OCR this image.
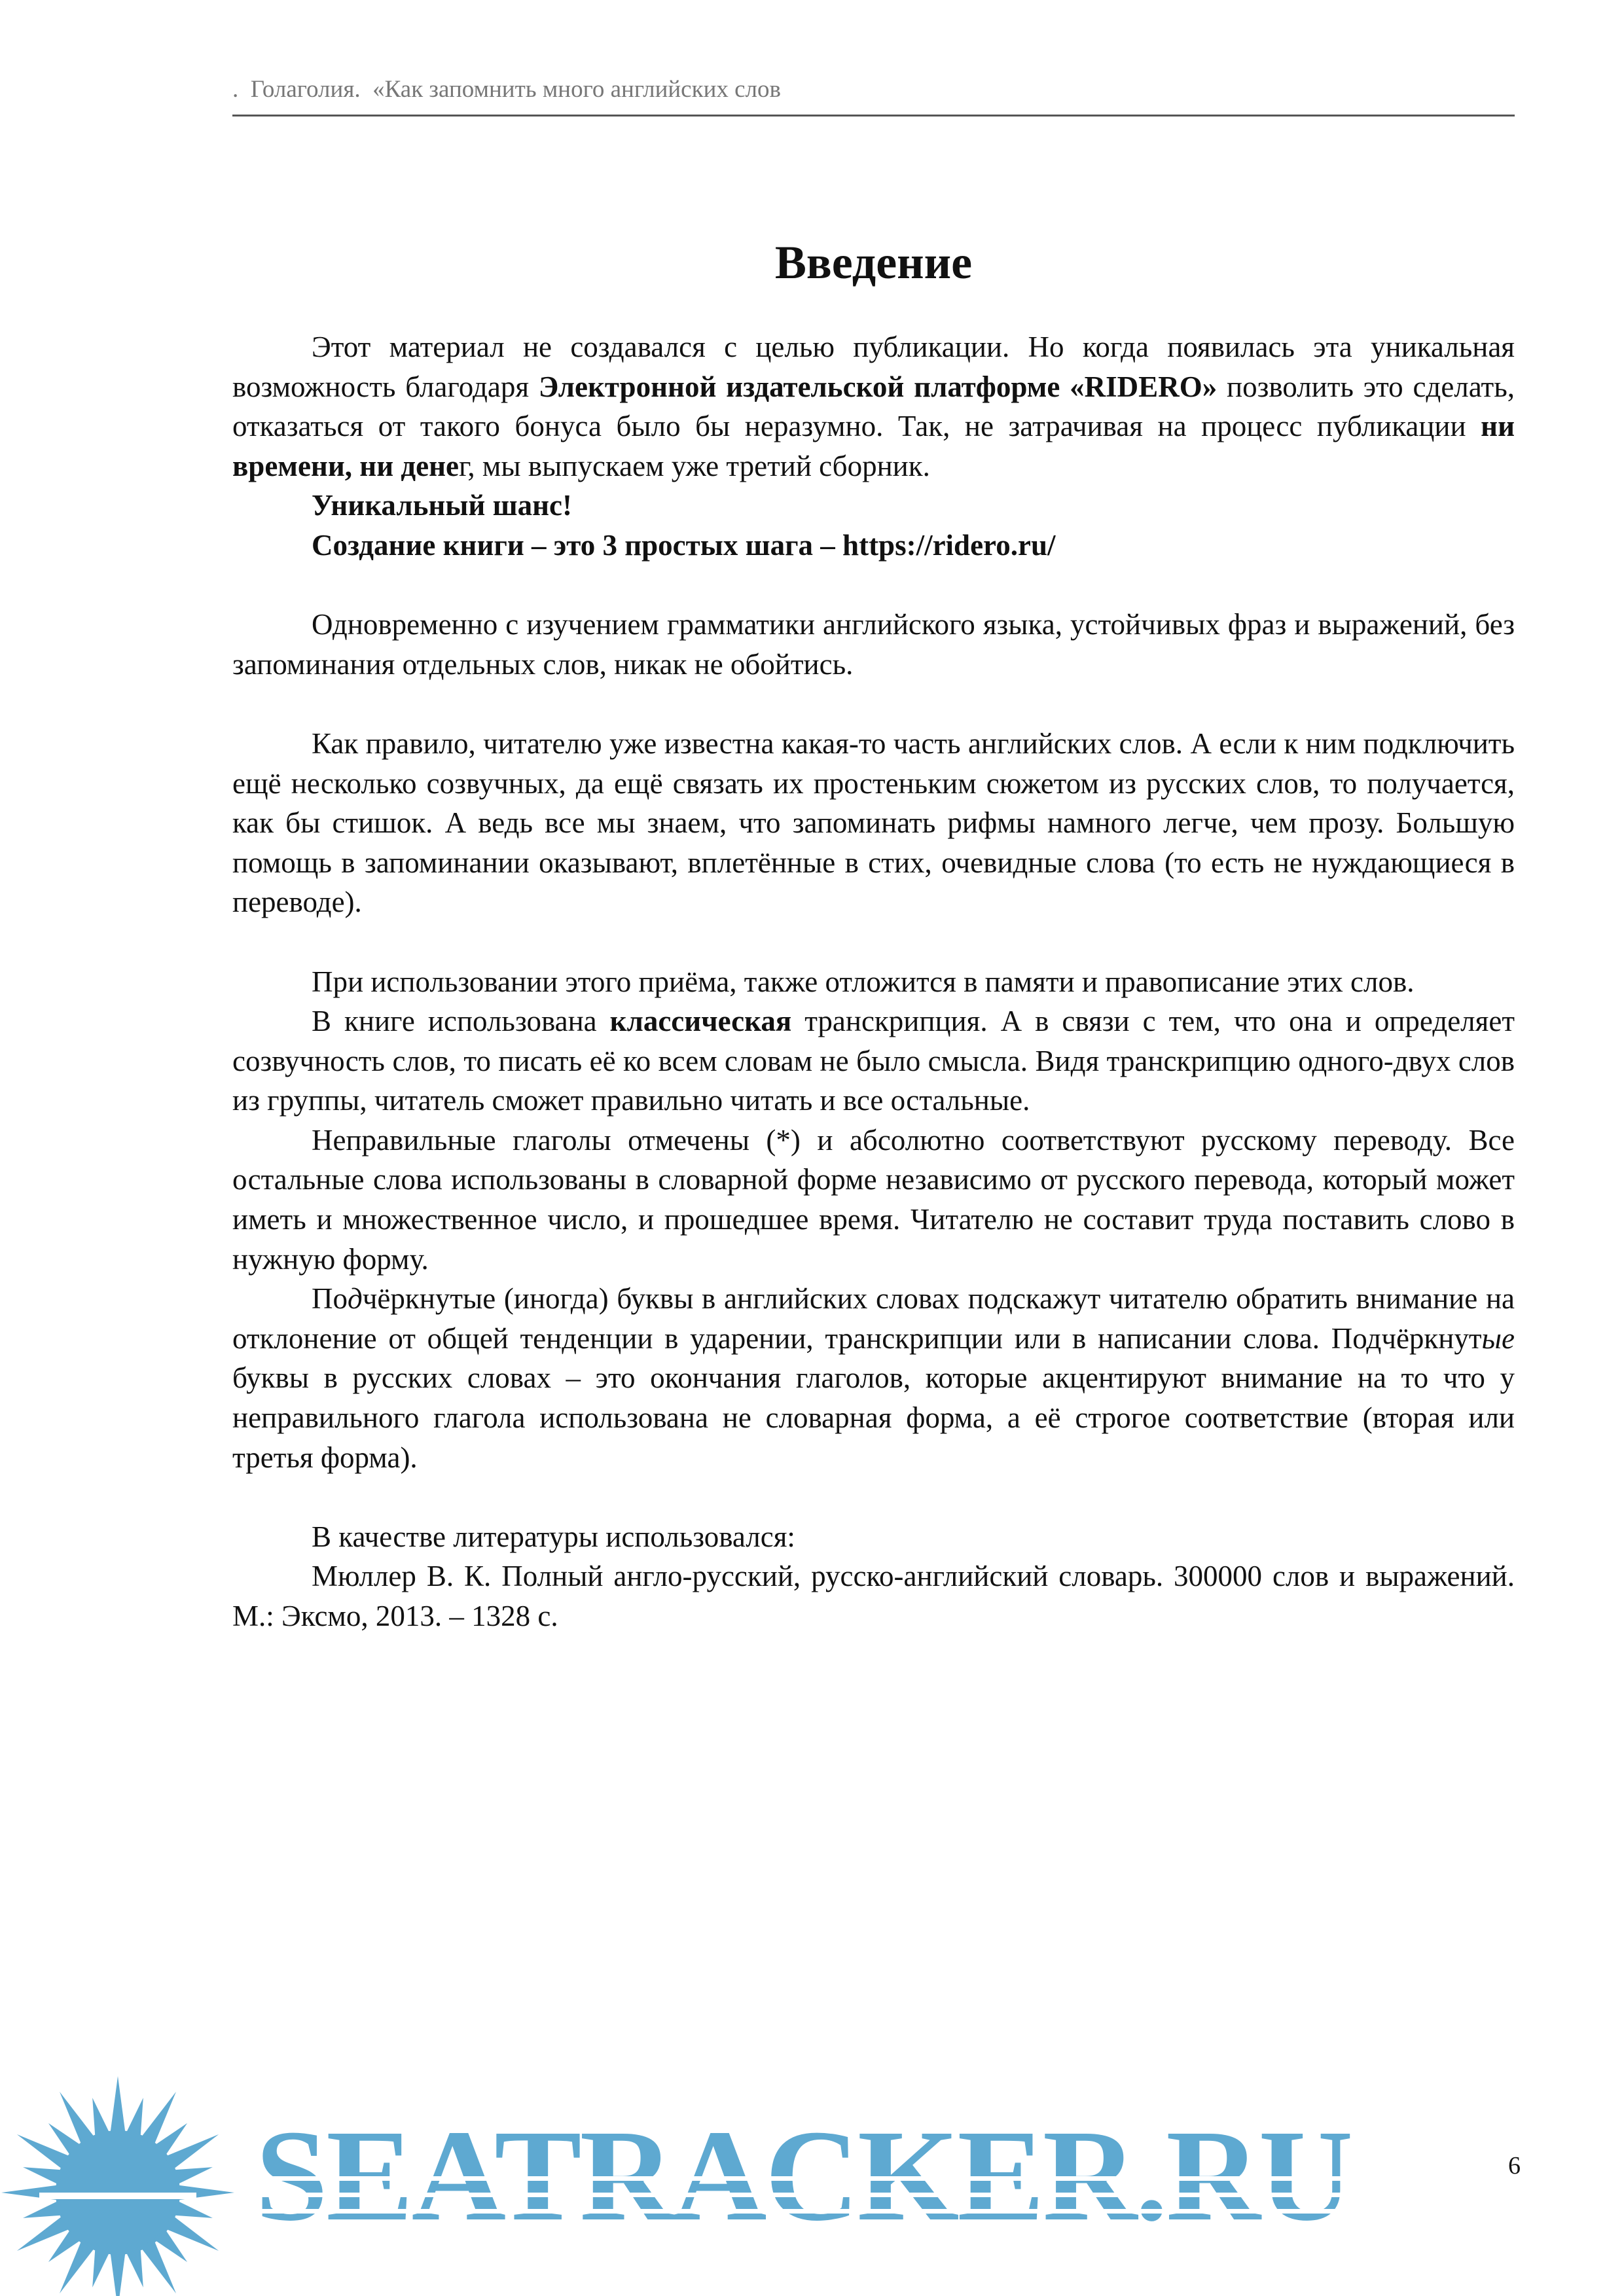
.  Голаголия.  «Как запомнить много английских слов
Введение

Этот материал не создавался с целью публикации. Но когда появилась эта уникальная возможность благодаря Электронной издательской платформе «RIDERO» позволить это сделать, отказаться от такого бонуса было бы неразумно. Так, не затрачивая на процесс публикации ни времени, ни денег, мы выпускаем уже третий сборник.

Уникальный шанс!

Создание книги – это 3 простых шага – https://ridero.ru/

Одновременно с изучением грамматики английского языка, устойчивых фраз и выражений, без запоминания отдельных слов, никак не обойтись.

Как правило, читателю уже известна какая-то часть английских слов. А если к ним подключить ещё несколько созвучных, да ещё связать их простеньким сюжетом из русских слов, то получается, как бы стишок. А ведь все мы знаем, что запоминать рифмы намного легче, чем прозу. Большую помощь в запоминании оказывают, вплетённые в стих, очевидные слова (то есть не нуждающиеся в переводе).

При использовании этого приёма, также отложится в памяти и правописание этих слов.

В книге использована классическая транскрипция. А в связи с тем, что она и определяет созвучность слов, то писать её ко всем словам не было смысла. Видя транскрипцию одного-двух слов из группы, читатель сможет правильно читать и все остальные.

Неправильные глаголы отмечены (*) и абсолютно соответствуют русскому переводу. Все остальные слова использованы в словарной форме независимо от русского перевода, который может иметь и множественное число, и прошедшее время. Читателю не составит труда поставить слово в нужную форму.

Подчёркнутые (иногда) буквы в английских словах подскажут читателю обратить внимание на отклонение от общей тенденции в ударении, транскрипции или в написании слова. Подчёркнутые буквы в русских словах – это окончания глаголов, которые акцентируют внимание на то что у неправильного глагола использована не словарная форма, а её строгое соответствие (вторая или третья форма).

В качестве литературы использовался:

Мюллер В. К. Полный англо-русский, русско-английский словарь. 300000 слов и выражений. М.: Эксмо, 2013. – 1328 с.

SEATRACKER.RU	6
